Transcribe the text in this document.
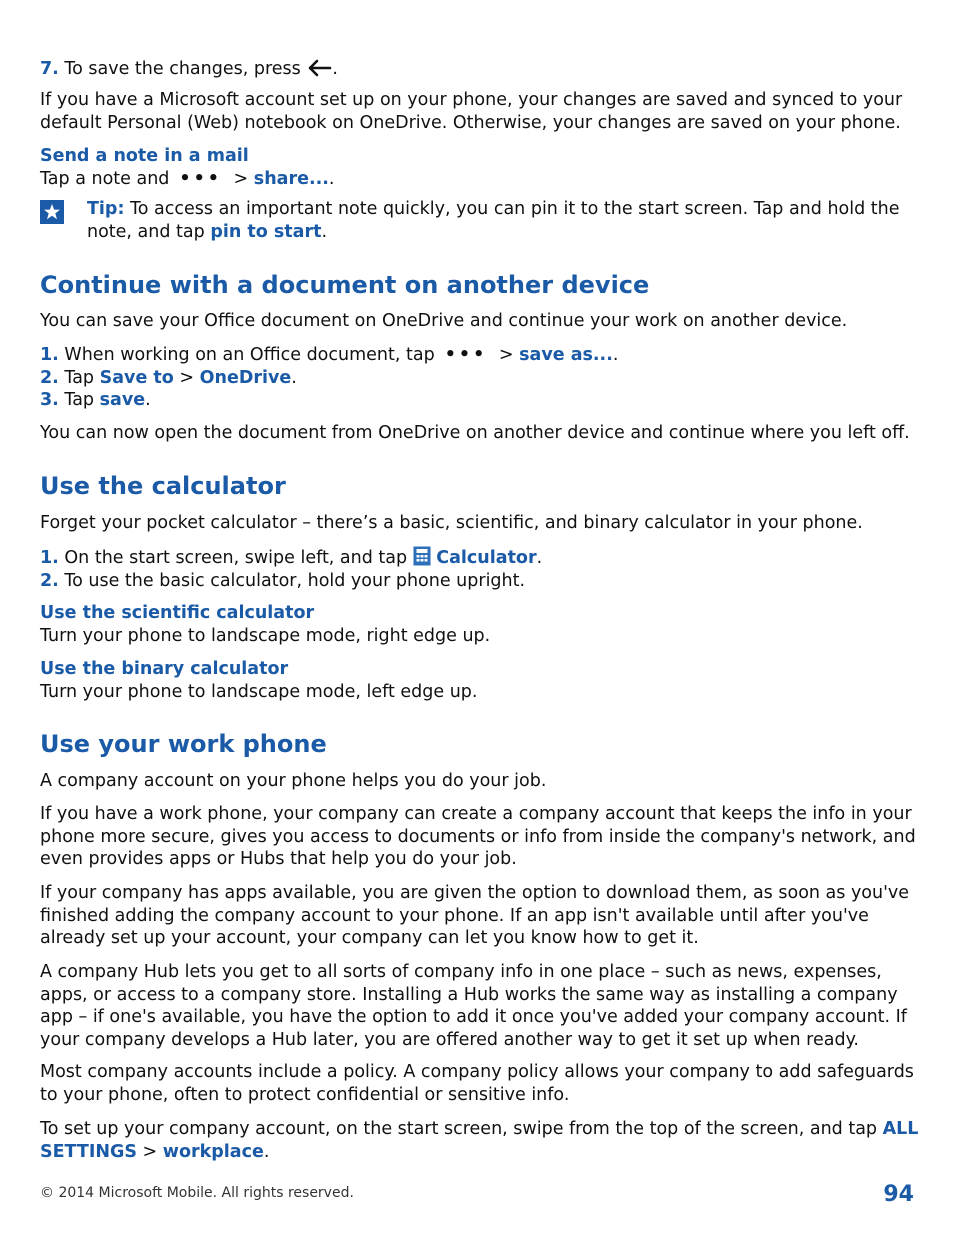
7. To save the changes, press .

If you have a Microsoft account set up on your phone, your changes are saved and synced to your default Personal (Web) notebook on OneDrive. Otherwise, your changes are saved on your phone.

Send a note in a mail
Tap a note and ••• > share....

Tip: To access an important note quickly, you can pin it to the start screen. Tap and hold the note, and tap pin to start.

Continue with a document on another device

You can save your Office document on OneDrive and continue your work on another device.

1. When working on an Office document, tap ••• > save as....
2. Tap Save to > OneDrive.
3. Tap save.

You can now open the document from OneDrive on another device and continue where you left off.

Use the calculator

Forget your pocket calculator – there’s a basic, scientific, and binary calculator in your phone.

1. On the start screen, swipe left, and tap Calculator.
2. To use the basic calculator, hold your phone upright.

Use the scientific calculator
Turn your phone to landscape mode, right edge up.

Use the binary calculator
Turn your phone to landscape mode, left edge up.

Use your work phone

A company account on your phone helps you do your job.

If you have a work phone, your company can create a company account that keeps the info in your phone more secure, gives you access to documents or info from inside the company's network, and even provides apps or Hubs that help you do your job.

If your company has apps available, you are given the option to download them, as soon as you've finished adding the company account to your phone. If an app isn't available until after you've already set up your account, your company can let you know how to get it.

A company Hub lets you get to all sorts of company info in one place – such as news, expenses, apps, or access to a company store. Installing a Hub works the same way as installing a company app – if one's available, you have the option to add it once you've added your company account. If your company develops a Hub later, you are offered another way to get it set up when ready.

Most company accounts include a policy. A company policy allows your company to add safeguards to your phone, often to protect confidential or sensitive info.

To set up your company account, on the start screen, swipe from the top of the screen, and tap ALL SETTINGS > workplace.

© 2014 Microsoft Mobile. All rights reserved.	94
